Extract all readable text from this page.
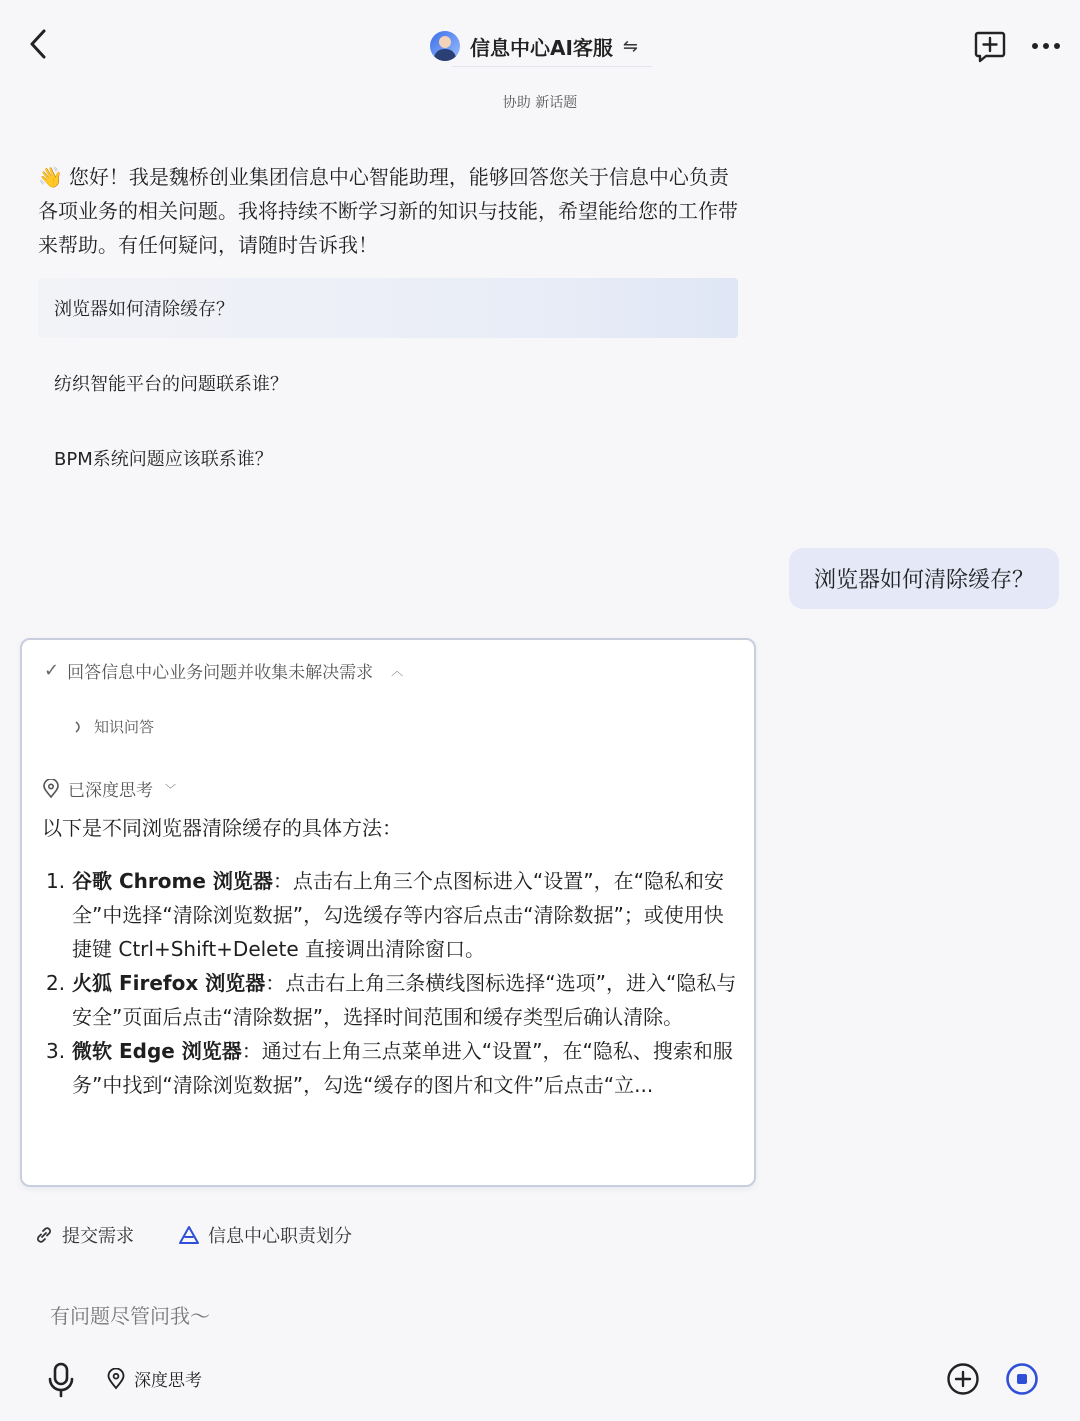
信息中心AI客服 ⇋
协助 新话题
👋 您好！我是魏桥创业集团信息中心智能助理，能够回答您关于信息中心负责各项业务的相关问题。我将持续不断学习新的知识与技能，希望能给您的工作带来帮助。有任何疑问，请随时告诉我！
浏览器如何清除缓存？
纺织智能平台的问题联系谁？
BPM系统问题应该联系谁？
浏览器如何清除缓存？
✓ 回答信息中心业务问题并收集未解决需求 ︿
知识问答
已深度思考 ﹀
以下是不同浏览器清除缓存的具体方法：
1. 谷歌 Chrome 浏览器：点击右上角三个点图标进入“设置”，在“隐私和安全”中选择“清除浏览数据”，勾选缓存等内容后点击“清除数据”；或使用快捷键 Ctrl+Shift+Delete 直接调出清除窗口。
2. 火狐 Firefox 浏览器：点击右上角三条横线图标选择“选项”，进入“隐私与安全”页面后点击“清除数据”，选择时间范围和缓存类型后确认清除。
3. 微软 Edge 浏览器：通过右上角三点菜单进入“设置”，在“隐私、搜索和服务”中找到“清除浏览数据”，勾选“缓存的图片和文件”后点击“立...
提交需求	信息中心职责划分
有问题尽管问我～
深度思考
